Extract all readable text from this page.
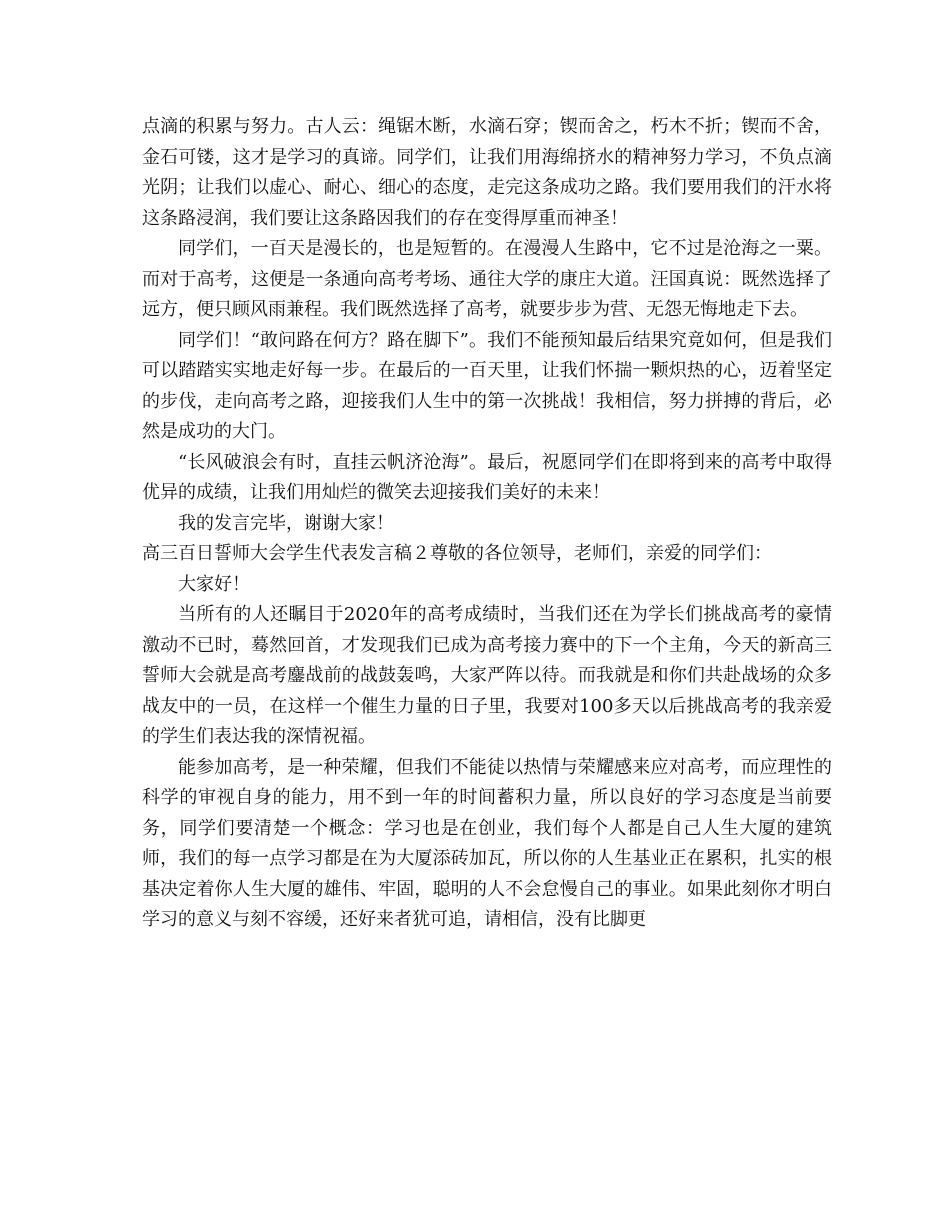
点滴的积累与努力。古人云：绳锯木断，水滴石穿；锲而舍之，朽木不折；锲而不舍，金石可镂，这才是学习的真谛。同学们，让我们用海绵挤水的精神努力学习，不负点滴光阴；让我们以虚心、耐心、细心的态度，走完这条成功之路。我们要用我们的汗水将这条路浸润，我们要让这条路因我们的存在变得厚重而神圣！

同学们，一百天是漫长的，也是短暂的。在漫漫人生路中，它不过是沧海之一粟。而对于高考，这便是一条通向高考考场、通往大学的康庄大道。汪国真说：既然选择了远方，便只顾风雨兼程。我们既然选择了高考，就要步步为营、无怨无悔地走下去。

同学们！“敢问路在何方？路在脚下”。我们不能预知最后结果究竟如何，但是我们可以踏踏实实地走好每一步。在最后的一百天里，让我们怀揣一颗炽热的心，迈着坚定的步伐，走向高考之路，迎接我们人生中的第一次挑战！我相信，努力拼搏的背后，必然是成功的大门。

“长风破浪会有时，直挂云帆济沧海”。最后，祝愿同学们在即将到来的高考中取得优异的成绩，让我们用灿烂的微笑去迎接我们美好的未来！

我的发言完毕，谢谢大家！

高三百日誓师大会学生代表发言稿２尊敬的各位领导，老师们，亲爱的同学们：

大家好！

当所有的人还瞩目于2020年的高考成绩时，当我们还在为学长们挑战高考的豪情激动不已时，蓦然回首，才发现我们已成为高考接力赛中的下一个主角，今天的新高三誓师大会就是高考鏖战前的战鼓轰鸣，大家严阵以待。而我就是和你们共赴战场的众多战友中的一员，在这样一个催生力量的日子里，我要对100多天以后挑战高考的我亲爱的学生们表达我的深情祝福。

能参加高考，是一种荣耀，但我们不能徒以热情与荣耀感来应对高考，而应理性的科学的审视自身的能力，用不到一年的时间蓄积力量，所以良好的学习态度是当前要务，同学们要清楚一个概念：学习也是在创业，我们每个人都是自己人生大厦的建筑师，我们的每一点学习都是在为大厦添砖加瓦，所以你的人生基业正在累积，扎实的根基决定着你人生大厦的雄伟、牢固，聪明的人不会怠慢自己的事业。如果此刻你才明白学习的意义与刻不容缓，还好来者犹可追，请相信，没有比脚更
